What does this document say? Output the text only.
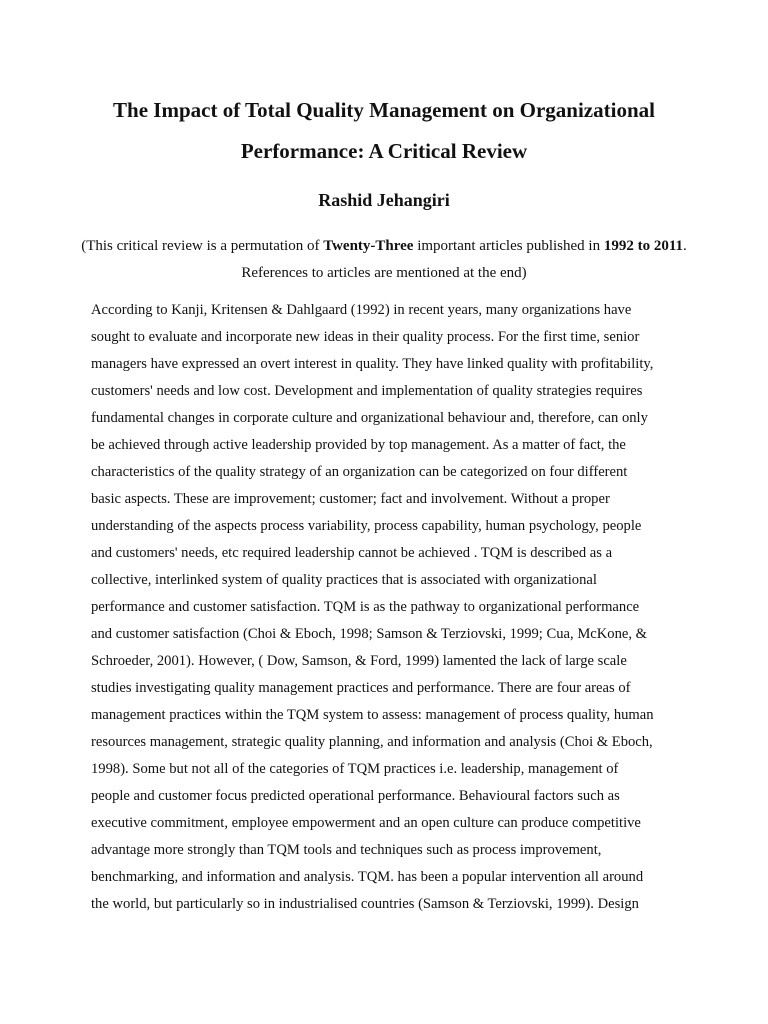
The Impact of Total Quality Management on Organizational
Performance: A Critical Review

Rashid Jehangiri

(This critical review is a permutation of Twenty-Three important articles published in 1992 to 2011. References to articles are mentioned at the end)

According to Kanji, Kritensen & Dahlgaard (1992) in recent years, many organizations have
sought to evaluate and incorporate new ideas in their quality process. For the first time, senior
managers have expressed an overt interest in quality. They have linked quality with profitability,
customers' needs and low cost. Development and implementation of quality strategies requires
fundamental changes in corporate culture and organizational behaviour and, therefore, can only
be achieved through active leadership provided by top management. As a matter of fact, the
characteristics of the quality strategy of an organization can be categorized on four different
basic aspects. These are improvement; customer; fact and involvement. Without a proper
understanding of the aspects process variability, process capability, human psychology, people
and customers' needs, etc required leadership cannot be achieved . TQM is described as a
collective, interlinked system of quality practices that is associated with organizational
performance and customer satisfaction. TQM is as the pathway to organizational performance
and customer satisfaction (Choi & Eboch, 1998; Samson & Terziovski, 1999; Cua, McKone, &
Schroeder, 2001). However, ( Dow, Samson, & Ford, 1999) lamented the lack of large scale
studies investigating quality management practices and performance. There are four areas of
management practices within the TQM system to assess: management of process quality, human
resources management, strategic quality planning, and information and analysis (Choi & Eboch,
1998). Some but not all of the categories of TQM practices i.e. leadership, management of
people and customer focus predicted operational performance. Behavioural factors such as
executive commitment, employee empowerment and an open culture can produce competitive
advantage more strongly than TQM tools and techniques such as process improvement,
benchmarking, and information and analysis. TQM. has been a popular intervention all around
the world, but particularly so in industrialised countries (Samson & Terziovski, 1999). Design
